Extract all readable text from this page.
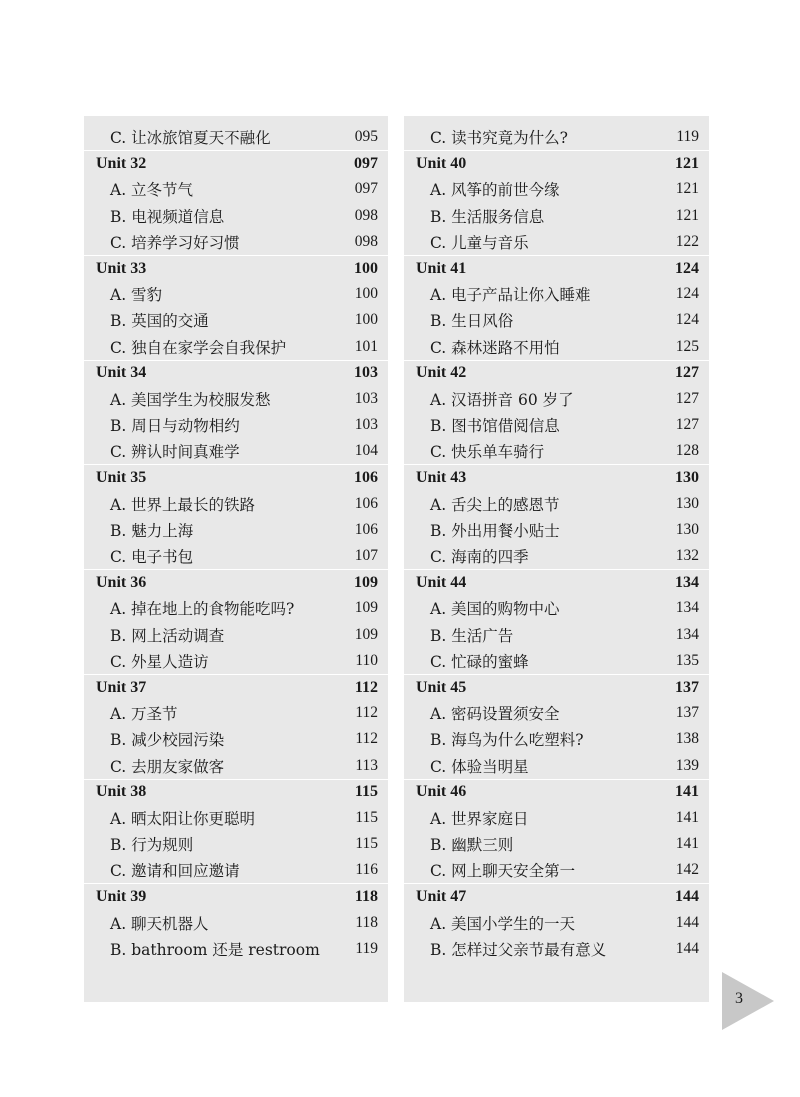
C. 让冰旅馆夏天不融化	095
Unit 32	097
A. 立冬节气	097
B. 电视频道信息	098
C. 培养学习好习惯	098
Unit 33	100
A. 雪豹	100
B. 英国的交通	100
C. 独自在家学会自我保护	101
Unit 34	103
A. 美国学生为校服发愁	103
B. 周日与动物相约	103
C. 辨认时间真难学	104
Unit 35	106
A. 世界上最长的铁路	106
B. 魅力上海	106
C. 电子书包	107
Unit 36	109
A. 掉在地上的食物能吃吗?	109
B. 网上活动调查	109
C. 外星人造访	110
Unit 37	112
A. 万圣节	112
B. 减少校园污染	112
C. 去朋友家做客	113
Unit 38	115
A. 晒太阳让你更聪明	115
B. 行为规则	115
C. 邀请和回应邀请	116
Unit 39	118
A. 聊天机器人	118
B. bathroom 还是 restroom 119
C. 读书究竟为什么?	119
Unit 40	121
A. 风筝的前世今缘	121
B. 生活服务信息	121
C. 儿童与音乐	122
Unit 41	124
A. 电子产品让你入睡难	124
B. 生日风俗	124
C. 森林迷路不用怕	125
Unit 42	127
A. 汉语拼音 60 岁了	127
B. 图书馆借阅信息	127
C. 快乐单车骑行	128
Unit 43	130
A. 舌尖上的感恩节	130
B. 外出用餐小贴士	130
C. 海南的四季	132
Unit 44	134
A. 美国的购物中心	134
B. 生活广告	134
C. 忙碌的蜜蜂	135
Unit 45	137
A. 密码设置须安全	137
B. 海鸟为什么吃塑料?	138
C. 体验当明星	139
Unit 46	141
A. 世界家庭日	141
B. 幽默三则	141
C. 网上聊天安全第一	142
Unit 47	144
A. 美国小学生的一天	144
B. 怎样过父亲节最有意义	144
3
